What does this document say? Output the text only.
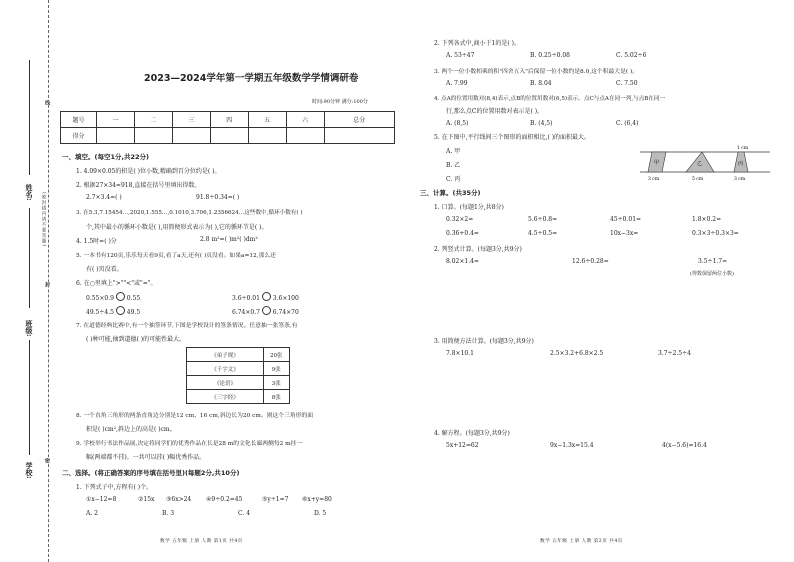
姓名:
班级:
学校:
线
封
密
(密封线内请不要答题)
2023—2024学年第一学期五年级数学学情调研卷
时间:90分钟 满分:100分
题号	一	二	三	四	五	六	总分
得分							
一、填空。(每空1分,共22分)
1. 4.09×0.05的积是( )位小数,精确到百分位约是( )。
2. 根据27×34=918,直接在括号里填出得数。
2.7×3.4=( )	91.8÷0.34=( )
3. 在5.3,7.15454…,2020,1.555…,0.1010,3.706,1.2356624…这些数中,循环小数有( )
个,其中最小的循环小数是( ),用简便形式表示为( ),它的循环节是( )。
4. 1.5时=( )分	2.8 m²=( )m²( )dm²
5. 一本书有120页,乐乐每天看9页,看了a天,还有( )页没看。如果a=12,那么还
有( )页没看。
6. 在○里填上">""<"或"="。
0.55×0.9 0.55	3.6÷0.01 3.6×100
49.5÷4.5 49.5	6.74×0.7 6.74×70
7. 在道德经典比赛中,有一个抽签环节,下图是学校设计的签条情况。任意抽一张签条,有
( )种可能,抽到道德( )的可能性最大。
《弟子规》	20张
《千字文》	9张
《论语》	3张
《三字经》	8张
8. 一个直角三角形的两条直角边分别是12 cm、16 cm,斜边长为20 cm。则这个三角形的面
积是( )cm²,斜边上的高是( )cm。
9. 学校举行书法作品展,决定将同学们的优秀作品在长是28 m的文化长廊两侧每2 m挂一
幅(两端都不挂)。一共可以挂( )幅优秀作品。
二、选择。(将正确答案的序号填在括号里)(每题2分,共10分)
1. 下列式子中,方程有( )个。
①x−12=8	②15x ③6x>24 ④9÷0.2=45	⑤y÷1=7 ⑥x+y=80
A. 2	B. 3	C. 4	D. 5
数学 五年级 上册 人教 第1页 共4页
2. 下列各式中,商小于1的是( )。
A. 53÷47	B. 0.25÷0.08	C. 5.02÷6
3. 两个一位小数相乘的积"四舍五入"后保留一位小数约是8.0,这个积最大是( )。
A. 7.99	B. 8.04	C. 7.50
4. 点A的位置用数对(8,4)表示,点B的位置用数对(6,5)表示。点C与点A在同一列,与点B在同一
行,那么点C的位置用数对表示是( )。
A. (8,5)	B. (4,5)	C. (6,4)
5. 在下图中,平行线间三个图形的面积相比,( )的面积最大。
A. 甲
B. 乙
C. 丙
1 cm
甲	乙	丙
3 cm	5 cm	3 cm
三、计算。(共35分)
1. 口算。(每题1分,共8分)
0.32×2=	5.6÷0.8=	45÷0.01=	1.8×0.2=
0.36+0.4=	4.5÷0.5=	10x−3x=	0.3×3÷0.3×3=
2. 列竖式计算。(每题3分,共9分)
8.02×1.4=	12.6÷0.28=	3.5÷1.7≈
(得数保留两位小数)
3. 用简便方法计算。(每题3分,共9分)
7.8×10.1	2.5×3.2+6.8×2.5	3.7÷2.5÷4
4. 解方程。(每题3分,共9分)
5x+12=62	9x−1.3x=15.4	4(x−5.6)=16.4
数学 五年级 上册 人教 第2页 共4页
